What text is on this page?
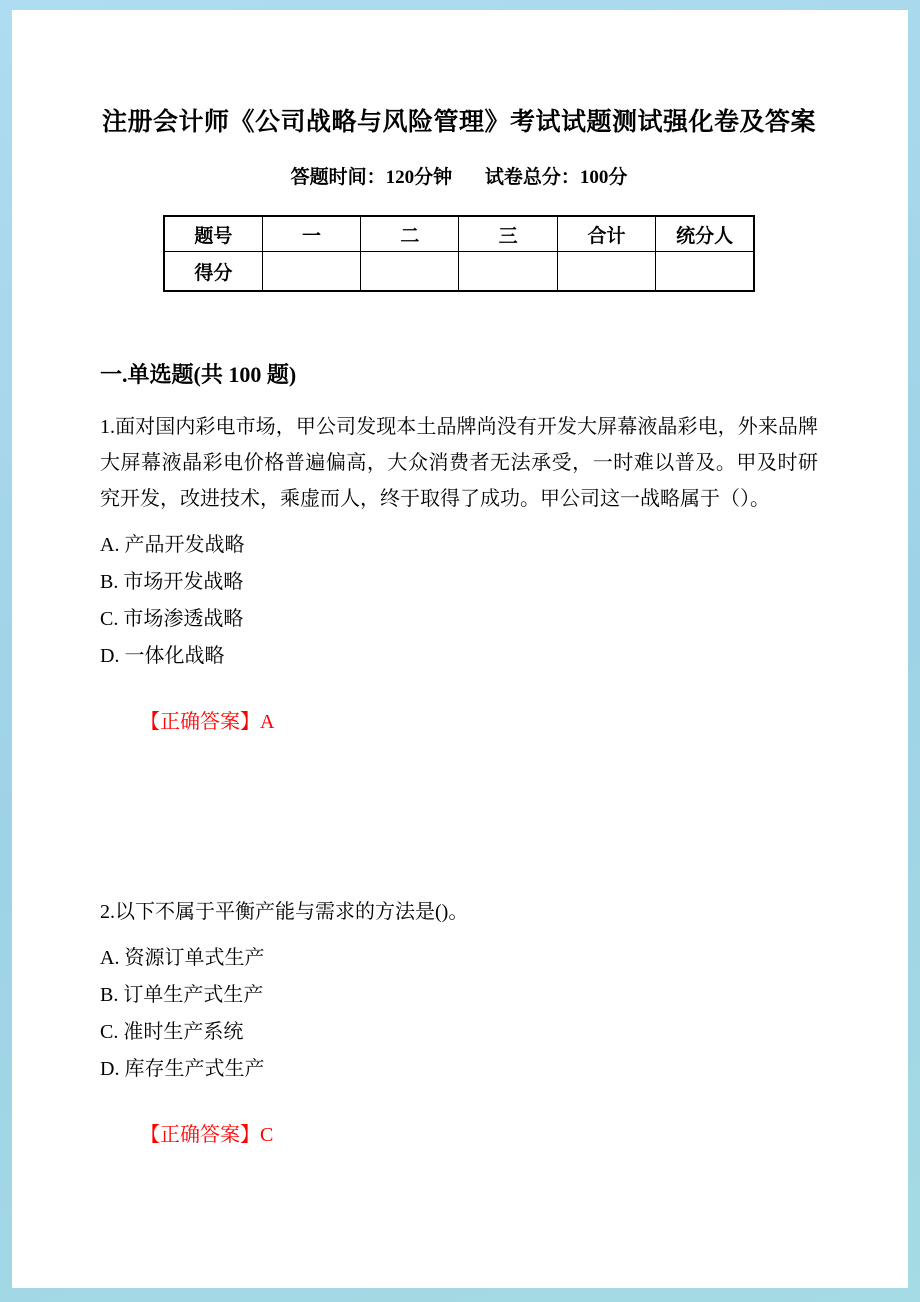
注册会计师《公司战略与风险管理》考试试题测试强化卷及答案
答题时间：120分钟 试卷总分：100分
题号	一	二	三	合计	统分人
得分					
一.单选题(共 100 题)
1.面对国内彩电市场，甲公司发现本土品牌尚没有开发大屏幕液晶彩电，外来品牌大屏幕液晶彩电价格普遍偏高，大众消费者无法承受，一时难以普及。甲及时研究开发，改进技术，乘虚而人，终于取得了成功。甲公司这一战略属于（）。
A. 产品开发战略
B. 市场开发战略
C. 市场渗透战略
D. 一体化战略
【正确答案】A
2.以下不属于平衡产能与需求的方法是()。
A. 资源订单式生产
B. 订单生产式生产
C. 准时生产系统
D. 库存生产式生产
【正确答案】C
